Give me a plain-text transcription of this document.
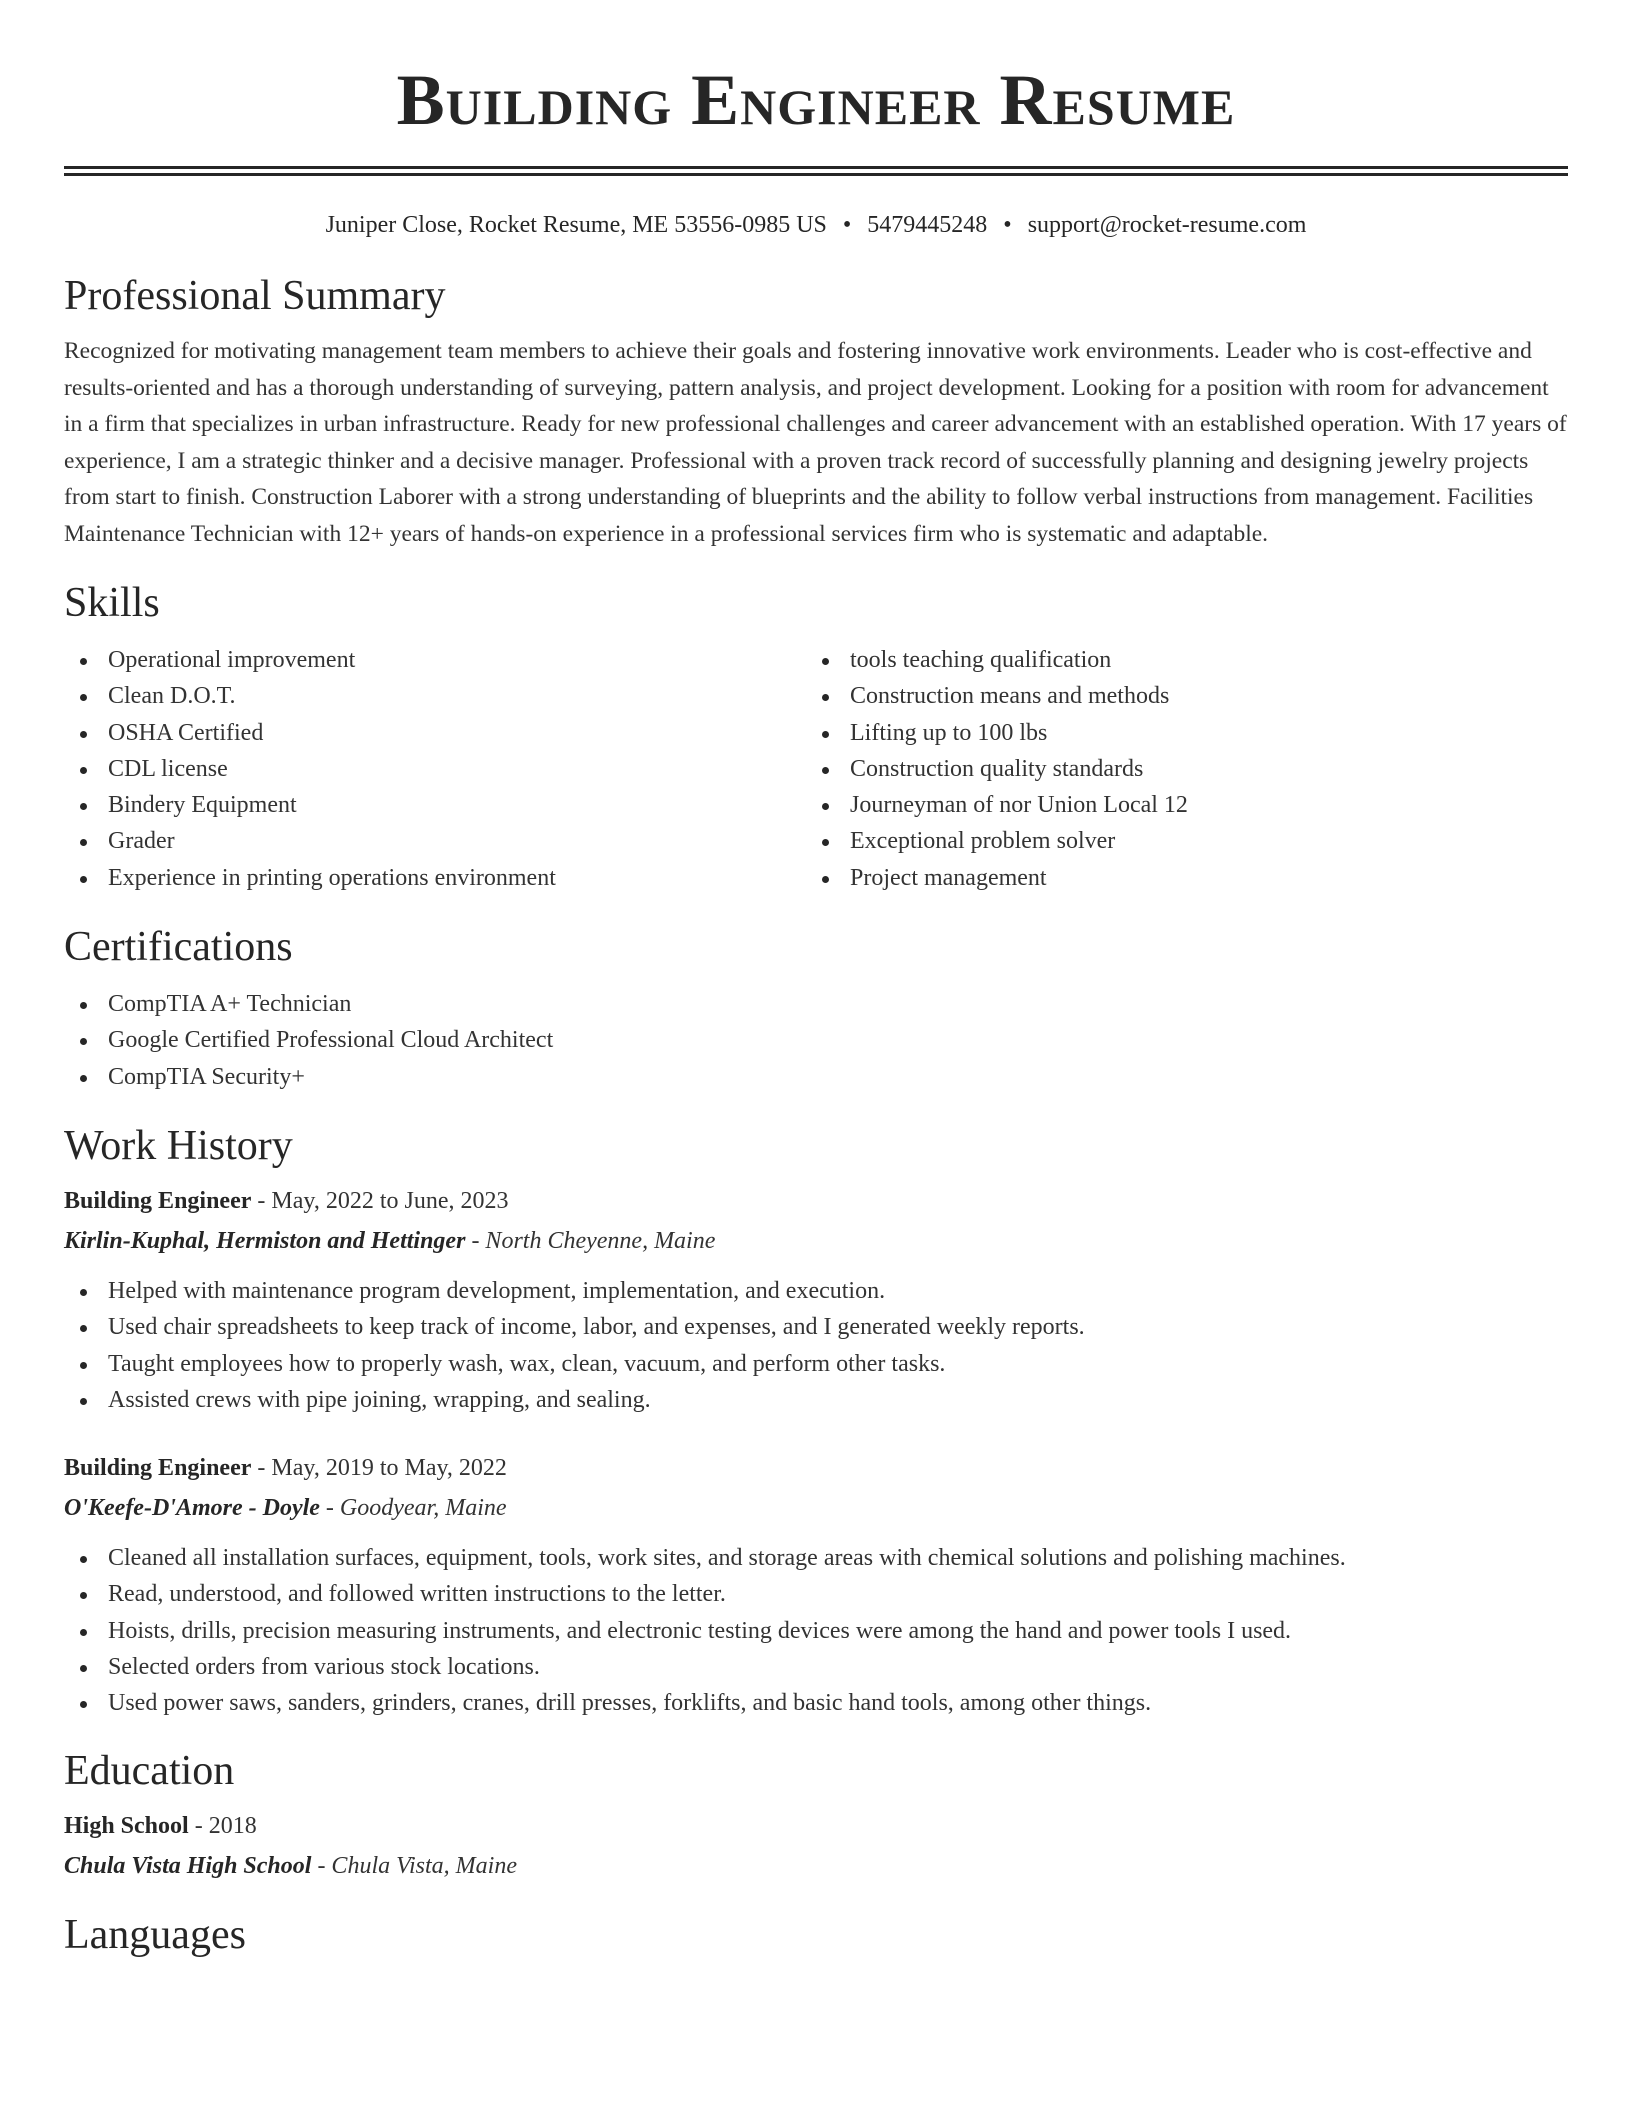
Building Engineer Resume
Juniper Close, Rocket Resume, ME 53556-0985 US • 5479445248 • support@rocket-resume.com
Professional Summary

Recognized for motivating management team members to achieve their goals and fostering innovative work environments. Leader who is cost-effective and results-oriented and has a thorough understanding of surveying, pattern analysis, and project development. Looking for a position with room for advancement in a firm that specializes in urban infrastructure. Ready for new professional challenges and career advancement with an established operation. With 17 years of experience, I am a strategic thinker and a decisive manager. Professional with a proven track record of successfully planning and designing jewelry projects from start to finish. Construction Laborer with a strong understanding of blueprints and the ability to follow verbal instructions from management. Facilities Maintenance Technician with 12+ years of hands-on experience in a professional services firm who is systematic and adaptable.

Skills
Operational improvement
Clean D.O.T.
OSHA Certified
CDL license
Bindery Equipment
Grader
Experience in printing operations environment
tools teaching qualification
Construction means and methods
Lifting up to 100 lbs
Construction quality standards
Journeyman of nor Union Local 12
Exceptional problem solver
Project management
Certifications
CompTIA A+ Technician
Google Certified Professional Cloud Architect
CompTIA Security+
Work History
Building Engineer - May, 2022 to June, 2023
Kirlin-Kuphal, Hermiston and Hettinger - North Cheyenne, Maine
Helped with maintenance program development, implementation, and execution.
Used chair spreadsheets to keep track of income, labor, and expenses, and I generated weekly reports.
Taught employees how to properly wash, wax, clean, vacuum, and perform other tasks.
Assisted crews with pipe joining, wrapping, and sealing.
Building Engineer - May, 2019 to May, 2022
O'Keefe-D'Amore - Doyle - Goodyear, Maine
Cleaned all installation surfaces, equipment, tools, work sites, and storage areas with chemical solutions and polishing machines.
Read, understood, and followed written instructions to the letter.
Hoists, drills, precision measuring instruments, and electronic testing devices were among the hand and power tools I used.
Selected orders from various stock locations.
Used power saws, sanders, grinders, cranes, drill presses, forklifts, and basic hand tools, among other things.
Education
High School - 2018
Chula Vista High School - Chula Vista, Maine
Languages
